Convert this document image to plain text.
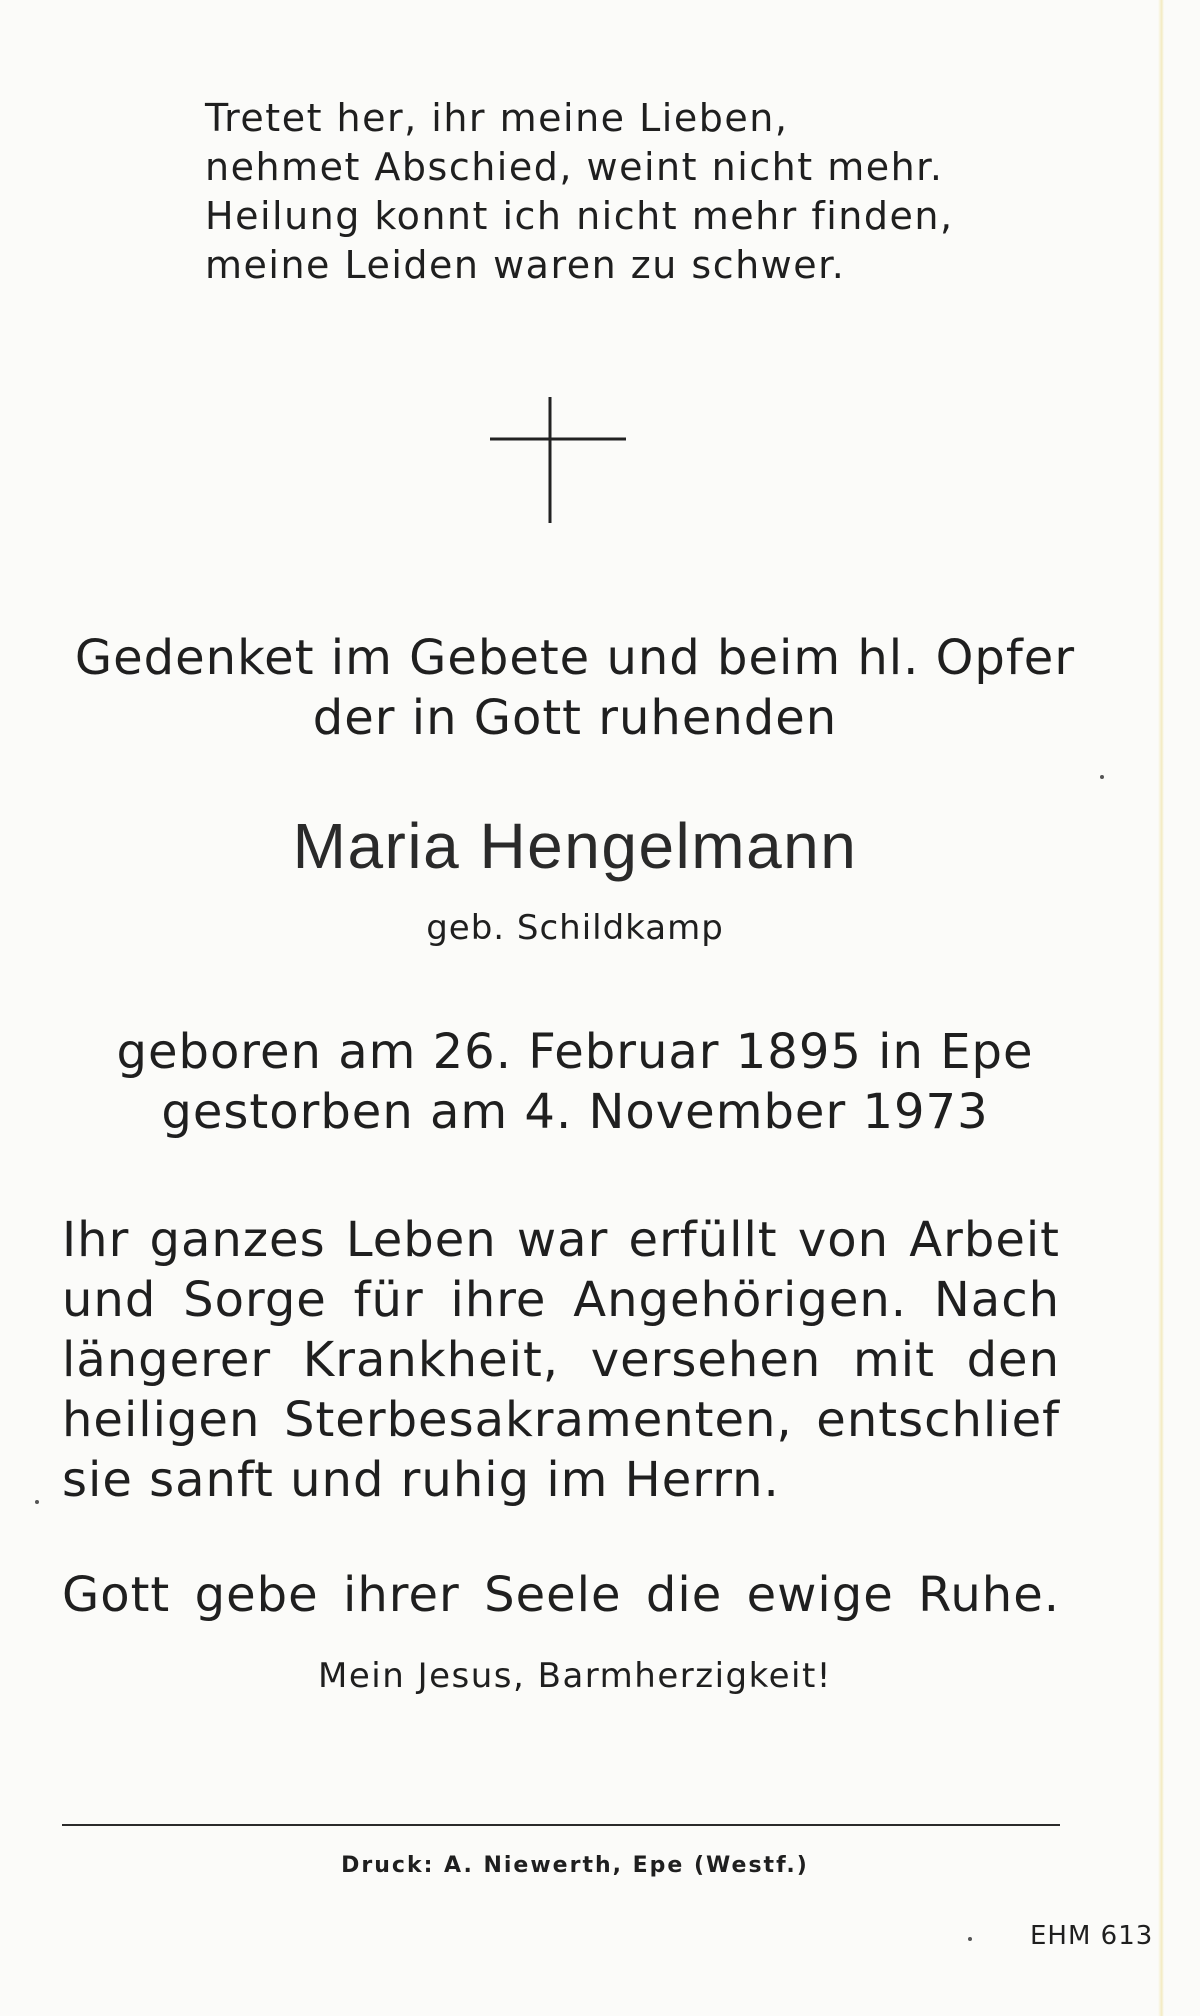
Tretet her, ihr meine Lieben,
nehmet Abschied, weint nicht mehr.
Heilung konnt ich nicht mehr finden,
meine Leiden waren zu schwer.
Gedenket im Gebete und beim hl. Opfer
der in Gott ruhenden
Maria Hengelmann
geb. Schildkamp
geboren am 26. Februar 1895 in Epe
gestorben am 4. November 1973
Ihr ganzes Leben war erfüllt von Arbeit
und Sorge für ihre Angehörigen. Nach
längerer Krankheit, versehen mit den
heiligen Sterbesakramenten, entschlief
sie sanft und ruhig im Herrn.
Gott gebe ihrer Seele die ewige Ruhe.
Mein Jesus, Barmherzigkeit!
Druck: A. Niewerth, Epe (Westf.)
EHM 613
